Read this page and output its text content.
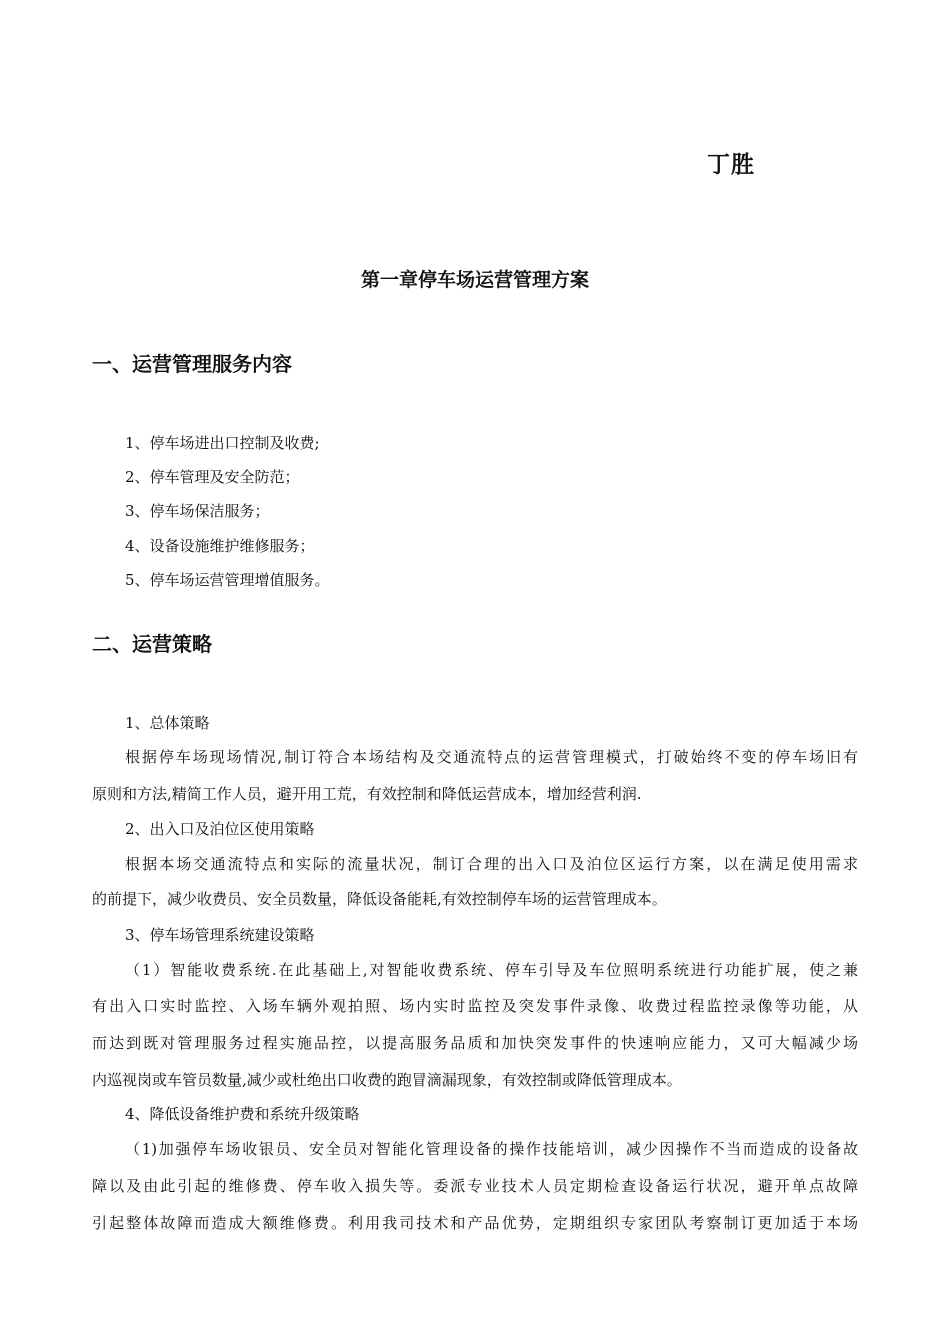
丁胜
第一章停车场运营管理方案
一、运营管理服务内容
1、停车场进出口控制及收费;
2、停车管理及安全防范；
3、停车场保洁服务；
4、设备设施维护维修服务；
5、停车场运营管理增值服务。
二、运营策略
1、总体策略
根据停车场现场情况,制订符合本场结构及交通流特点的运营管理模式，打破始终不变的停车场旧有
原则和方法,精简工作人员，避开用工荒，有效控制和降低运营成本，增加经营利润.
2、出入口及泊位区使用策略
根据本场交通流特点和实际的流量状况，制订合理的出入口及泊位区运行方案，以在满足使用需求
的前提下，减少收费员、安全员数量，降低设备能耗,有效控制停车场的运营管理成本。
3、停车场管理系统建设策略
（1）智能收费系统.在此基础上,对智能收费系统、停车引导及车位照明系统进行功能扩展，使之兼
有出入口实时监控、入场车辆外观拍照、场内实时监控及突发事件录像、收费过程监控录像等功能，从
而达到既对管理服务过程实施品控，以提高服务品质和加快突发事件的快速响应能力，又可大幅减少场
内巡视岗或车管员数量,减少或杜绝出口收费的跑冒滴漏现象，有效控制或降低管理成本。
4、降低设备维护费和系统升级策略
（1)加强停车场收银员、安全员对智能化管理设备的操作技能培训，减少因操作不当而造成的设备故
障以及由此引起的维修费、停车收入损失等。委派专业技术人员定期检查设备运行状况，避开单点故障
引起整体故障而造成大额维修费。利用我司技术和产品优势，定期组织专家团队考察制订更加适于本场
